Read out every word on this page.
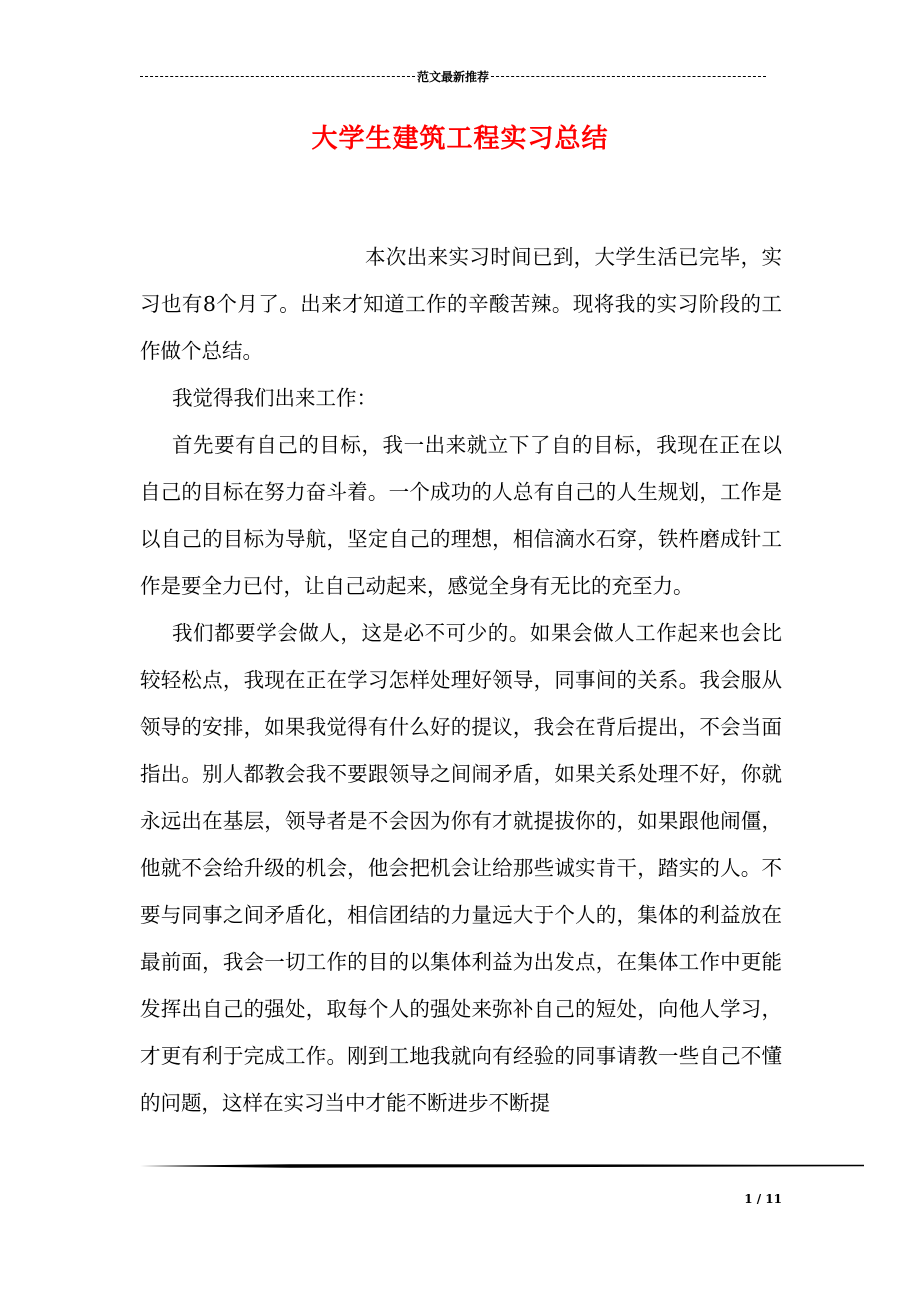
范文最新推荐
大学生建筑工程实习总结

本次出来实习时间已到，大学生活已完毕，实习也有8个月了。出来才知道工作的辛酸苦辣。现将我的实习阶段的工作做个总结。

我觉得我们出来工作：

首先要有自己的目标，我一出来就立下了自的目标，我现在正在以自己的目标在努力奋斗着。一个成功的人总有自己的人生规划，工作是以自己的目标为导航，坚定自己的理想，相信滴水石穿，铁杵磨成针工作是要全力已付，让自己动起来，感觉全身有无比的充至力。

我们都要学会做人，这是必不可少的。如果会做人工作起来也会比较轻松点，我现在正在学习怎样处理好领导，同事间的关系。我会服从领导的安排，如果我觉得有什么好的提议，我会在背后提出，不会当面指出。别人都教会我不要跟领导之间闹矛盾，如果关系处理不好，你就永远出在基层，领导者是不会因为你有才就提拔你的，如果跟他闹僵，他就不会给升级的机会，他会把机会让给那些诚实肯干，踏实的人。不要与同事之间矛盾化，相信团结的力量远大于个人的，集体的利益放在最前面，我会一切工作的目的以集体利益为出发点，在集体工作中更能发挥出自己的强处，取每个人的强处来弥补自己的短处，向他人学习，才更有利于完成工作。刚到工地我就向有经验的同事请教一些自己不懂的问题，这样在实习当中才能不断进步不断提

1 / 11
